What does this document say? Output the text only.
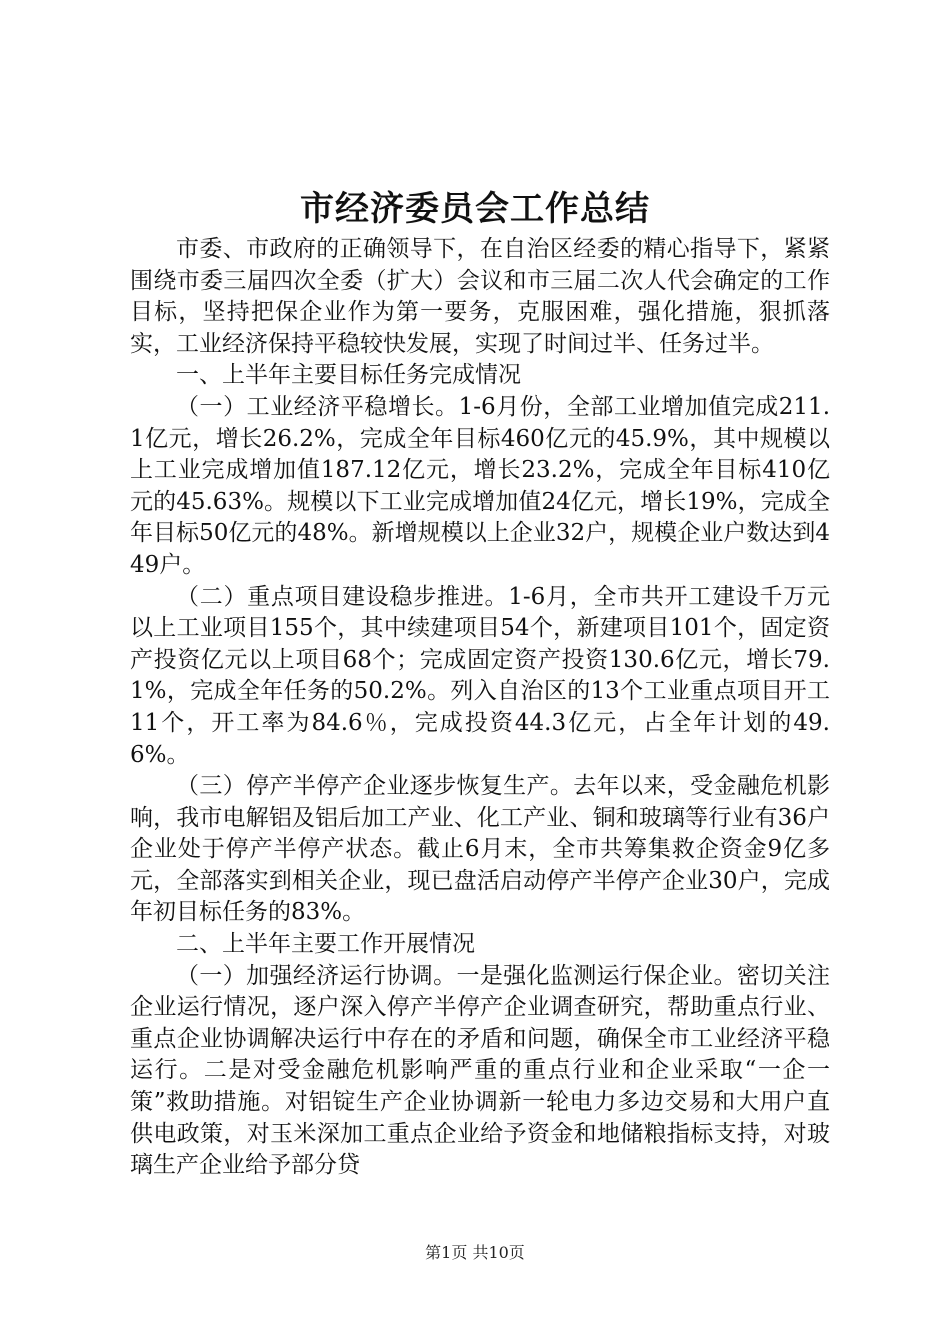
市经济委员会工作总结

市委、市政府的正确领导下，在自治区经委的精心指导下，紧紧围绕市委三届四次全委（扩大）会议和市三届二次人代会确定的工作目标，坚持把保企业作为第一要务，克服困难，强化措施，狠抓落实，工业经济保持平稳较快发展，实现了时间过半、任务过半。

一、上半年主要目标任务完成情况

（一）工业经济平稳增长。1-6月份，全部工业增加值完成211.1亿元，增长26.2%，完成全年目标460亿元的45.9%，其中规模以上工业完成增加值187.12亿元，增长23.2%，完成全年目标410亿元的45.63%。规模以下工业完成增加值24亿元，增长19%，完成全年目标50亿元的48%。新增规模以上企业32户，规模企业户数达到449户。

（二）重点项目建设稳步推进。1-6月，全市共开工建设千万元以上工业项目155个，其中续建项目54个，新建项目101个，固定资产投资亿元以上项目68个；完成固定资产投资130.6亿元，增长79.1%，完成全年任务的50.2%。列入自治区的13个工业重点项目开工11个，开工率为84.6％，完成投资44.3亿元，占全年计划的49.6%。

（三）停产半停产企业逐步恢复生产。去年以来，受金融危机影响，我市电解铝及铝后加工产业、化工产业、铜和玻璃等行业有36户企业处于停产半停产状态。截止6月末，全市共筹集救企资金9亿多元，全部落实到相关企业，现已盘活启动停产半停产企业30户，完成年初目标任务的83%。

二、上半年主要工作开展情况

（一）加强经济运行协调。一是强化监测运行保企业。密切关注企业运行情况，逐户深入停产半停产企业调查研究，帮助重点行业、重点企业协调解决运行中存在的矛盾和问题，确保全市工业经济平稳运行。二是对受金融危机影响严重的重点行业和企业采取“一企一策”救助措施。对铝锭生产企业协调新一轮电力多边交易和大用户直供电政策，对玉米深加工重点企业给予资金和地储粮指标支持，对玻璃生产企业给予部分贷

第1页 共10页
